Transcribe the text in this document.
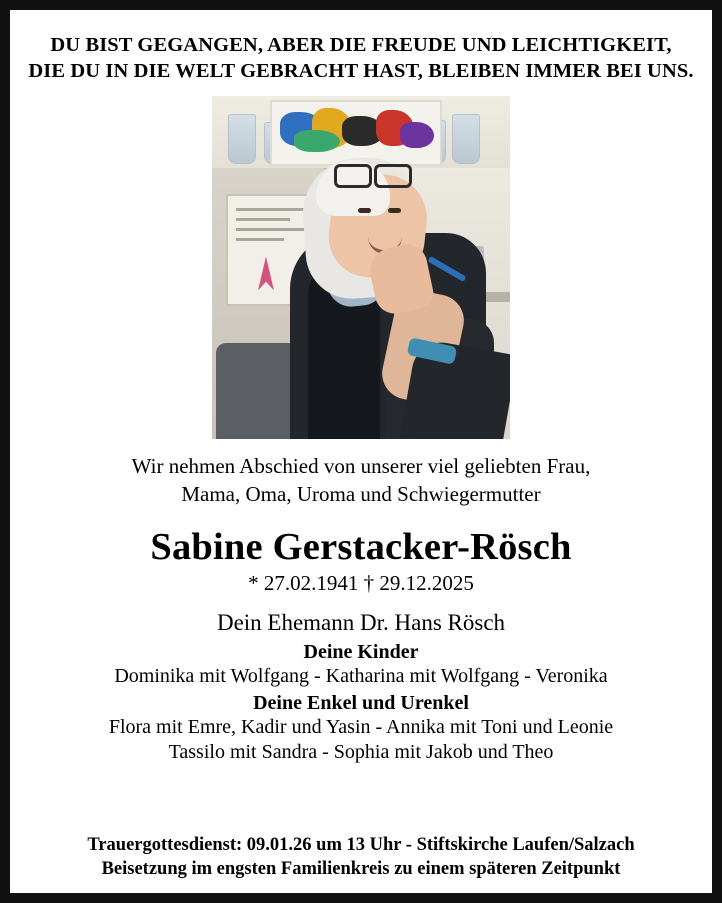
DU BIST GEGANGEN, ABER DIE FREUDE UND LEICHTIGKEIT,
DIE DU IN DIE WELT GEBRACHT HAST, BLEIBEN IMMER BEI UNS.
Wir nehmen Abschied von unserer viel geliebten Frau,
Mama, Oma, Uroma und Schwiegermutter
Sabine Gerstacker-Rösch
* 27.02.1941 † 29.12.2025
Dein Ehemann Dr. Hans Rösch
Deine Kinder
Dominika mit Wolfgang - Katharina mit Wolfgang - Veronika
Deine Enkel und Urenkel
Flora mit Emre, Kadir und Yasin - Annika mit Toni und Leonie
Tassilo mit Sandra - Sophia mit Jakob und Theo
Trauergottesdienst: 09.01.26 um 13 Uhr - Stiftskirche Laufen/Salzach
Beisetzung im engsten Familienkreis zu einem späteren Zeitpunkt
